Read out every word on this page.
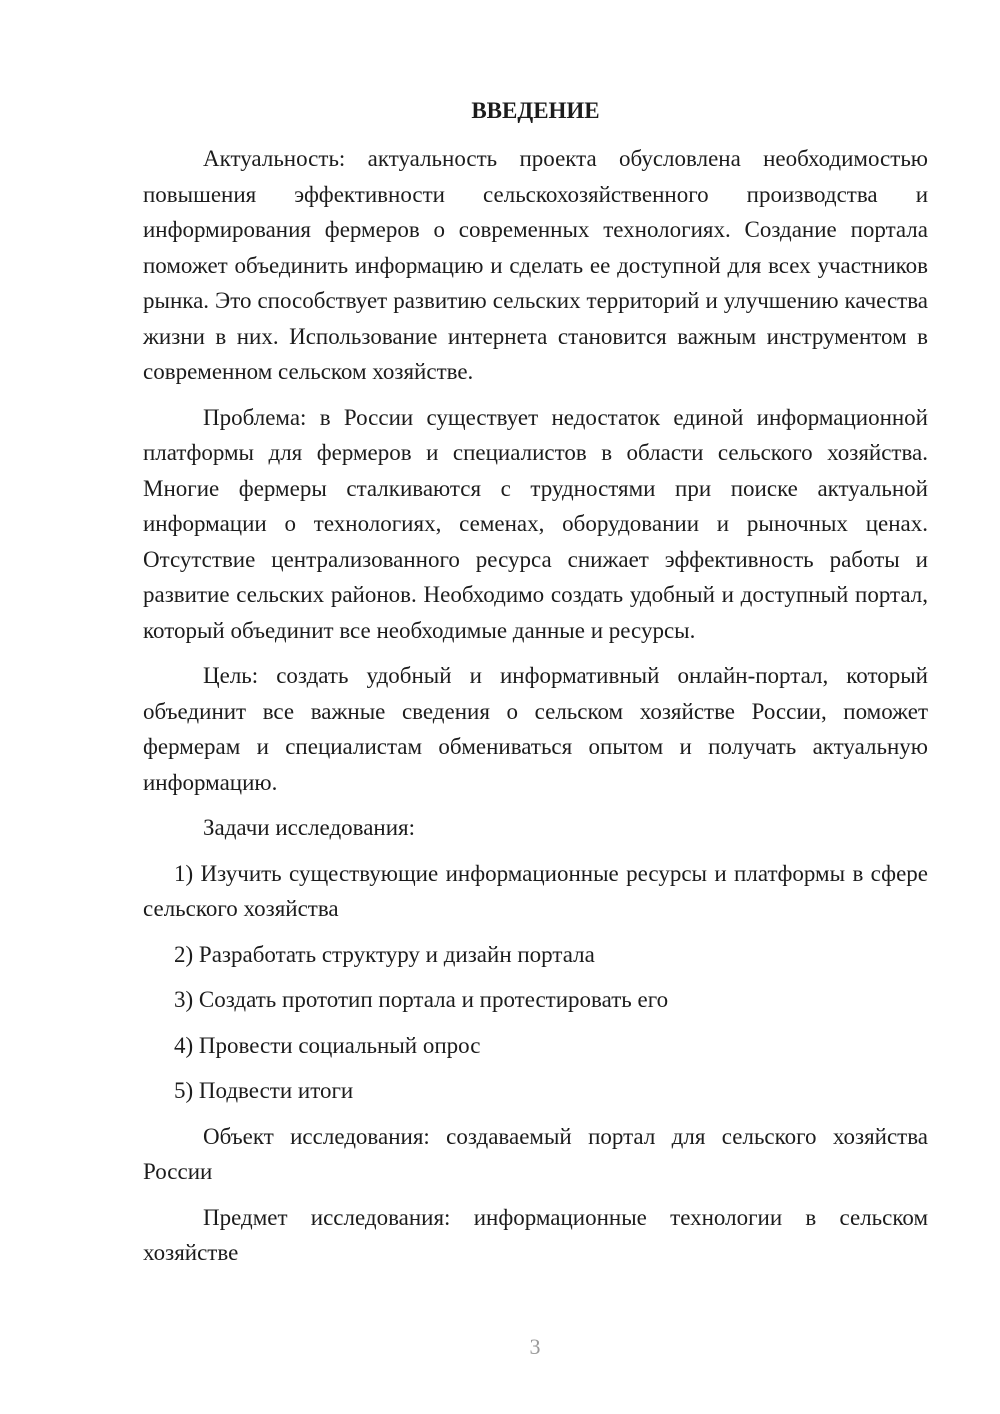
ВВЕДЕНИЕ

Актуальность: актуальность проекта обусловлена необходимостью повышения эффективности сельскохозяйственного производства и информирования фермеров о современных технологиях. Создание портала поможет объединить информацию и сделать ее доступной для всех участников рынка. Это способствует развитию сельских территорий и улучшению качества жизни в них. Использование интернета становится важным инструментом в современном сельском хозяйстве.

Проблема: в России существует недостаток единой информационной платформы для фермеров и специалистов в области сельского хозяйства. Многие фермеры сталкиваются с трудностями при поиске актуальной информации о технологиях, семенах, оборудовании и рыночных ценах. Отсутствие централизованного ресурса снижает эффективность работы и развитие сельских районов. Необходимо создать удобный и доступный портал, который объединит все необходимые данные и ресурсы.

Цель: создать удобный и информативный онлайн-портал, который объединит все важные сведения о сельском хозяйстве России, поможет фермерам и специалистам обмениваться опытом и получать актуальную информацию.

Задачи исследования:

1) Изучить существующие информационные ресурсы и платформы в сфере сельского хозяйства

2) Разработать структуру и дизайн портала

3) Создать прототип портала и протестировать его

4) Провести социальный опрос

5) Подвести итоги

Объект исследования: создаваемый портал для сельского хозяйства России

Предмет исследования: информационные технологии в сельском хозяйстве

3
